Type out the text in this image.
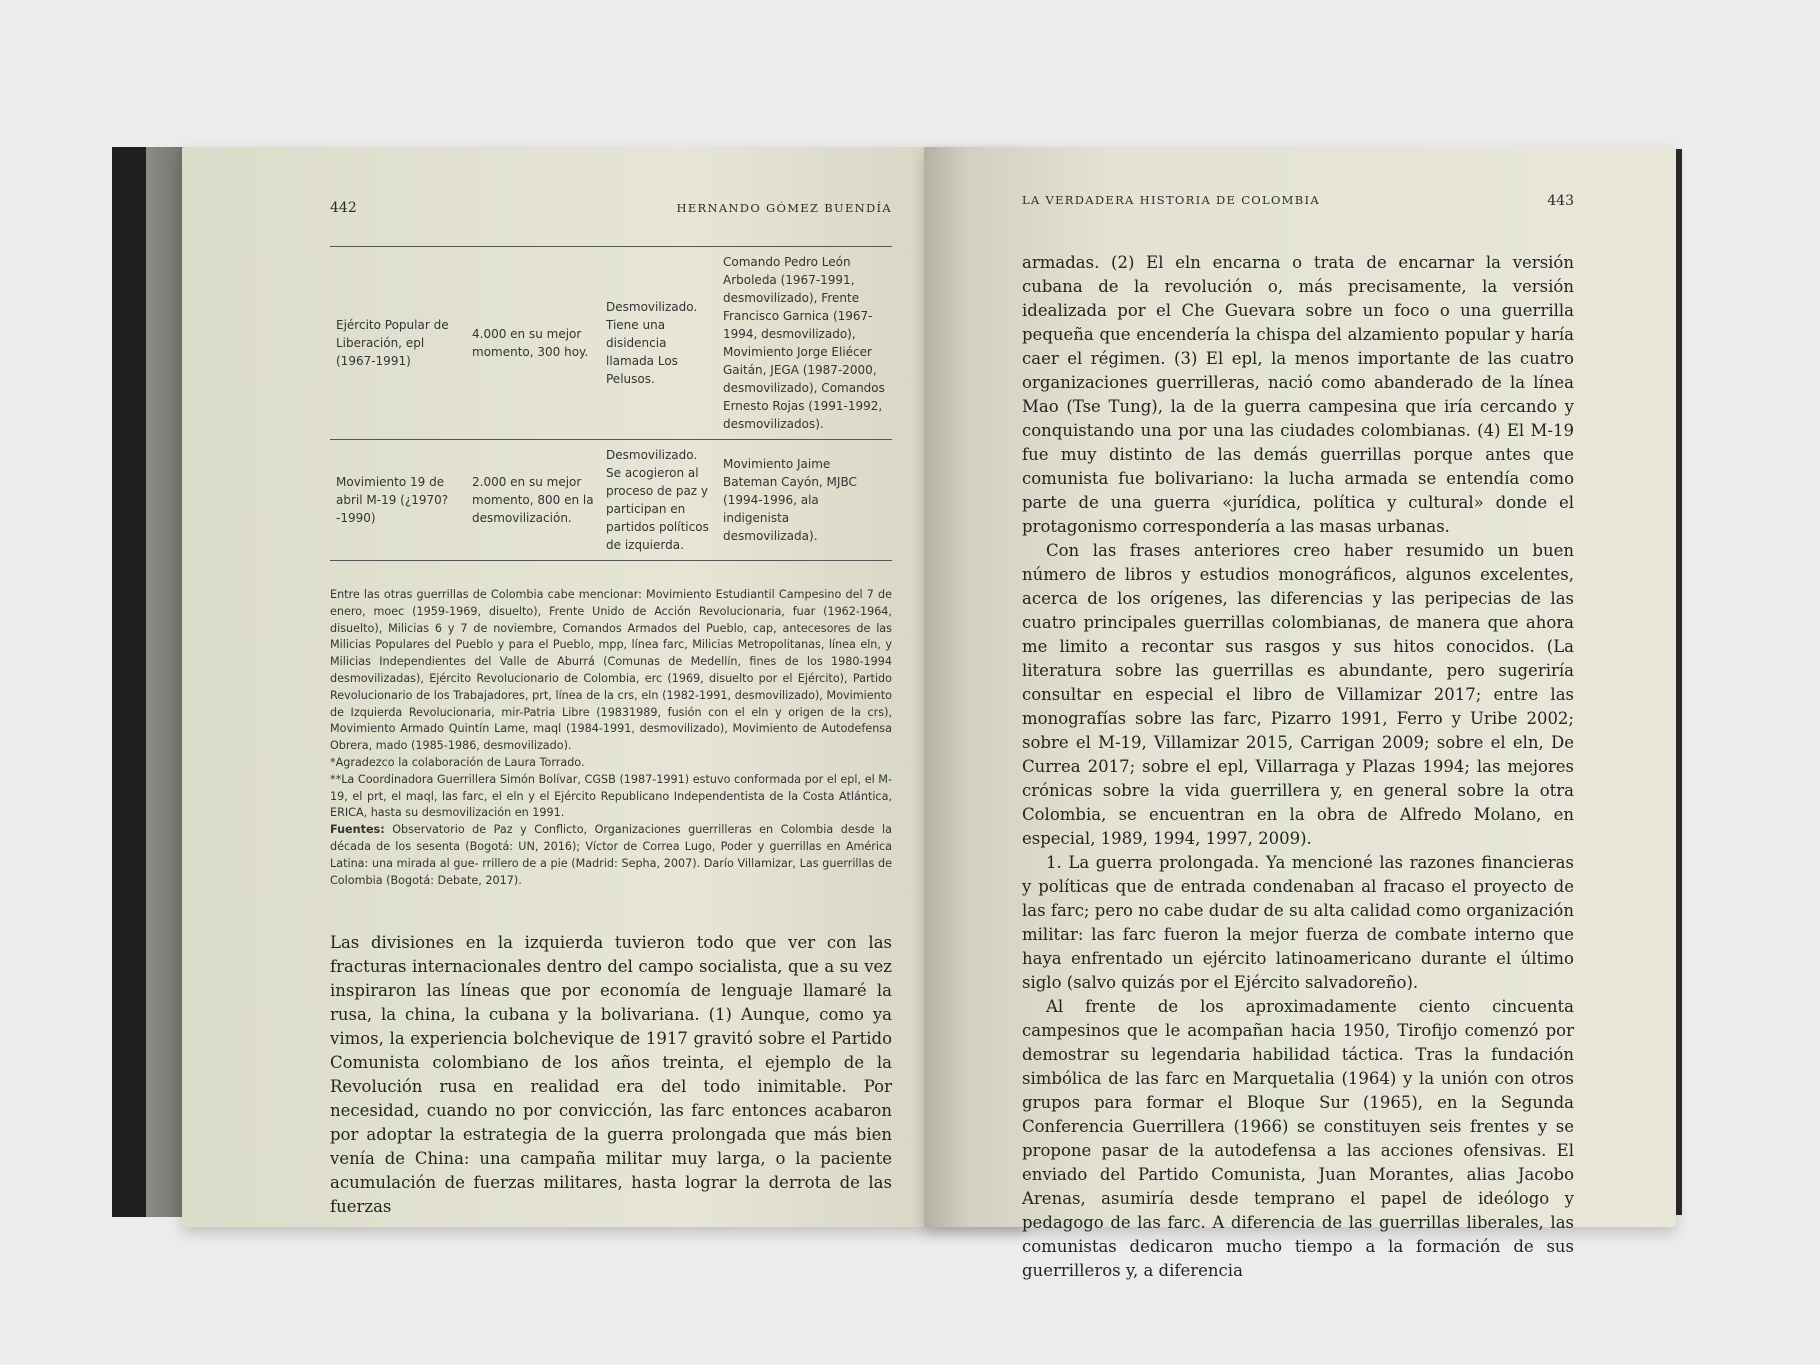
442	HERNANDO GÓMEZ BUENDÍA
Ejército Popular de Liberación, epl (1967-1991)
4.000 en su mejor momento, 300 hoy.
Desmovilizado. Tiene una disidencia llamada Los Pelusos.
Comando Pedro León Arboleda (1967-1991, desmovilizado), Frente Francisco Garnica (1967-1994, desmovilizado), Movimiento Jorge Eliécer Gaitán, JEGA (1987-2000, desmovilizado), Comandos Ernesto Rojas (1991-1992, desmovilizados).
Movimiento 19 de abril M-19 (¿1970?-1990)
2.000 en su mejor momento, 800 en la desmovilización.
Desmovilizado. Se acogieron al proceso de paz y participan en partidos políticos de izquierda.
Movimiento Jaime Bateman Cayón, MJBC (1994-1996, ala indigenista desmovilizada).

Entre las otras guerrillas de Colombia cabe mencionar: Movimiento Estudiantil Campesino del 7 de enero, moec (1959-1969, disuelto), Frente Unido de Acción Revolucionaria, fuar (1962-1964, disuelto), Milicias 6 y 7 de noviembre, Comandos Armados del Pueblo, cap, antecesores de las Milicias Populares del Pueblo y para el Pueblo, mpp, línea farc, Milicias Metropolitanas, línea eln, y Milicias Independientes del Valle de Aburrá (Comunas de Medellín, fines de los 1980-1994 desmovilizadas), Ejército Revolucionario de Colombia, erc (1969, disuelto por el Ejército), Partido Revolucionario de los Trabajadores, prt, línea de la crs, eln (1982-1991, desmovilizado), Movimiento de Izquierda Revolucionaria, mir-Patria Libre (19831989, fusión con el eln y origen de la crs), Movimiento Armado Quintín Lame, maql (1984-1991, desmovilizado), Movimiento de Autodefensa Obrera, mado (1985-1986, desmovilizado).

*Agradezco la colaboración de Laura Torrado.

**La Coordinadora Guerrillera Simón Bolívar, CGSB (1987-1991) estuvo conformada por el epl, el M-19, el prt, el maql, las farc, el eln y el Ejército Republicano Independentista de la Costa Atlántica, ERICA, hasta su desmovilización en 1991.

Fuentes: Observatorio de Paz y Conflicto, Organizaciones guerrilleras en Colombia desde la década de los sesenta (Bogotá: UN, 2016); Víctor de Correa Lugo, Poder y guerrillas en América Latina: una mirada al gue- rrillero de a pie (Madrid: Sepha, 2007). Darío Villamizar, Las guerrillas de Colombia (Bogotá: Debate, 2017).

Las divisiones en la izquierda tuvieron todo que ver con las fracturas internacionales dentro del campo socialista, que a su vez inspiraron las líneas que por economía de lenguaje llamaré la rusa, la china, la cubana y la bolivariana. (1) Aunque, como ya vimos, la experiencia bolchevique de 1917 gravitó sobre el Partido Comunista colombiano de los años treinta, el ejemplo de la Revolución rusa en realidad era del todo inimitable. Por necesidad, cuando no por convicción, las farc entonces acabaron por adoptar la estrategia de la guerra prolongada que más bien venía de China: una campaña militar muy larga, o la paciente acumulación de fuerzas militares, hasta lograr la derrota de las fuerzas

LA VERDADERA HISTORIA DE COLOMBIA	443

armadas. (2) El eln encarna o trata de encarnar la versión cubana de la revolución o, más precisamente, la versión idealizada por el Che Guevara sobre un foco o una guerrilla pequeña que encendería la chispa del alzamiento popular y haría caer el régimen. (3) El epl, la menos importante de las cuatro organizaciones guerrilleras, nació como abanderado de la línea Mao (Tse Tung), la de la guerra campesina que iría cercando y conquistando una por una las ciudades colombianas. (4) El M-19 fue muy distinto de las demás guerrillas porque antes que comunista fue bolivariano: la lucha armada se entendía como parte de una guerra «jurídica, política y cultural» donde el protagonismo correspondería a las masas urbanas.

Con las frases anteriores creo haber resumido un buen número de libros y estudios monográficos, algunos excelentes, acerca de los orígenes, las diferencias y las peripecias de las cuatro principales guerrillas colombianas, de manera que ahora me limito a recontar sus rasgos y sus hitos conocidos. (La literatura sobre las guerrillas es abundante, pero sugeriría consultar en especial el libro de Villamizar 2017; entre las monografías sobre las farc, Pizarro 1991, Ferro y Uribe 2002; sobre el M-19, Villamizar 2015, Carrigan 2009; sobre el eln, De Currea 2017; sobre el epl, Villarraga y Plazas 1994; las mejores crónicas sobre la vida guerrillera y, en general sobre la otra Colombia, se encuentran en la obra de Alfredo Molano, en especial, 1989, 1994, 1997, 2009).

1. La guerra prolongada. Ya mencioné las razones financieras y políticas que de entrada condenaban al fracaso el proyecto de las farc; pero no cabe dudar de su alta calidad como organización militar: las farc fueron la mejor fuerza de combate interno que haya enfrentado un ejército latinoamericano durante el último siglo (salvo quizás por el Ejército salvadoreño).

Al frente de los aproximadamente ciento cincuenta campesinos que le acompañan hacia 1950, Tirofijo comenzó por demostrar su legendaria habilidad táctica. Tras la fundación simbólica de las farc en Marquetalia (1964) y la unión con otros grupos para formar el Bloque Sur (1965), en la Segunda Conferencia Guerrillera (1966) se constituyen seis frentes y se propone pasar de la autodefensa a las acciones ofensivas. El enviado del Partido Comunista, Juan Morantes, alias Jacobo Arenas, asumiría desde temprano el papel de ideólogo y pedagogo de las farc. A diferencia de las guerrillas liberales, las comunistas dedicaron mucho tiempo a la formación de sus guerrilleros y, a diferencia
